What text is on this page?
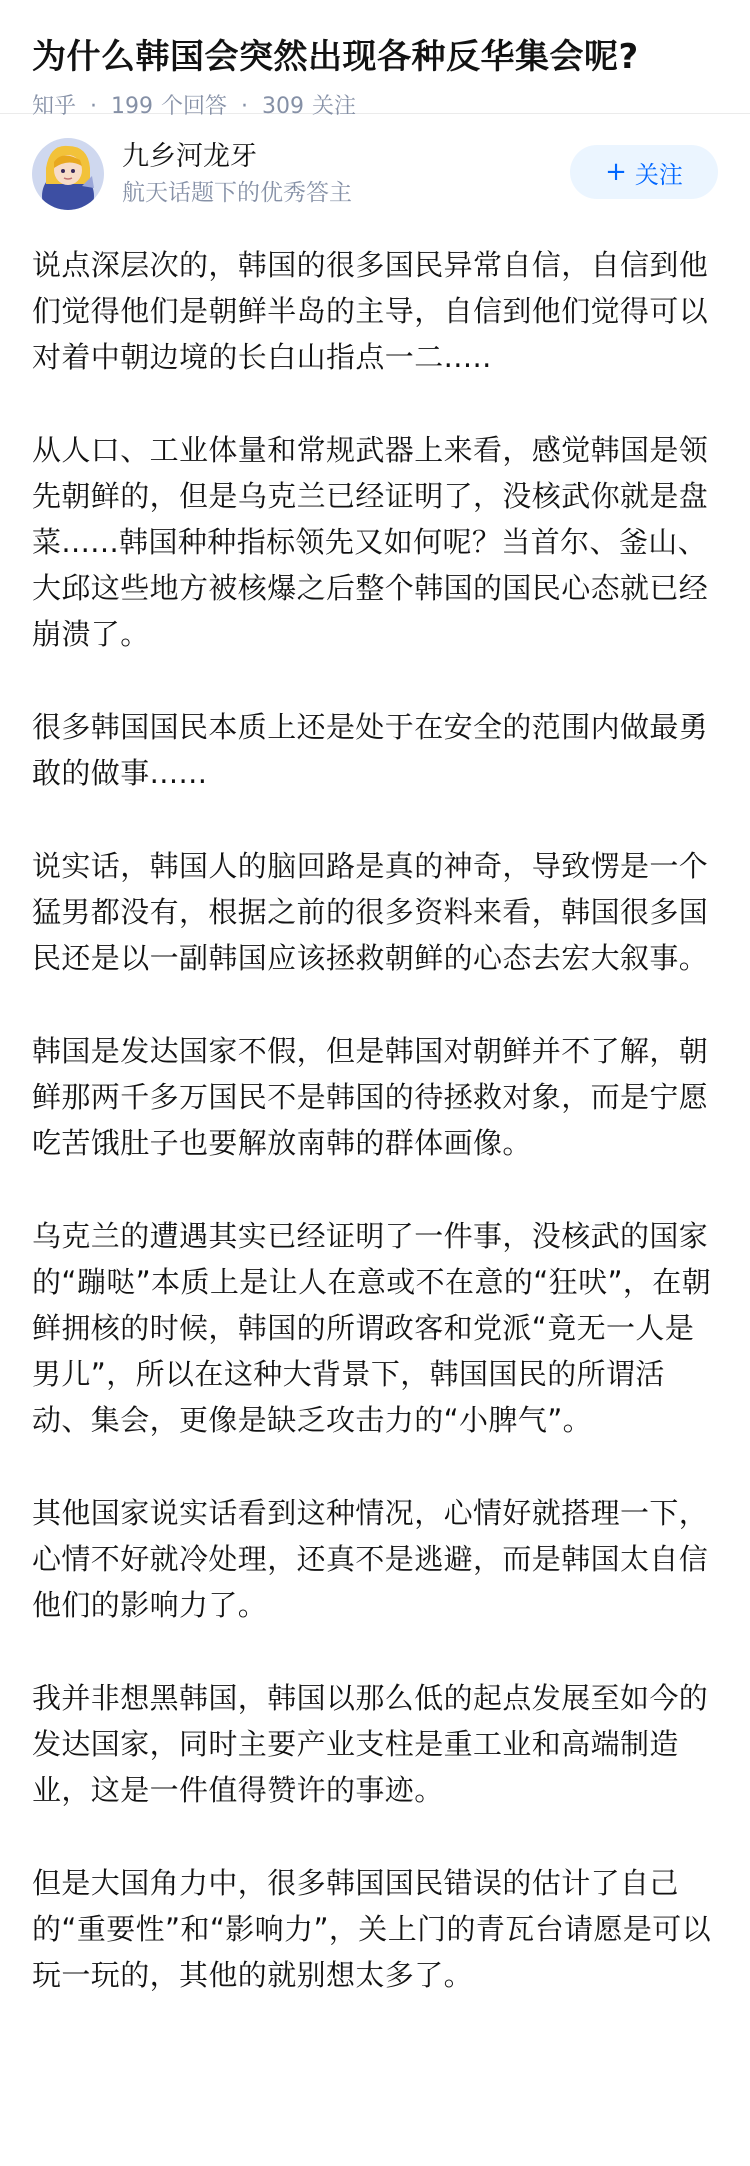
为什么韩国会突然出现各种反华集会呢?
知乎 · 199 个回答 · 309 关注
九乡河龙牙
航天话题下的优秀答主
+ 关注

说点深层次的，韩国的很多国民异常自信，自信到他们觉得他们是朝鲜半岛的主导，自信到他们觉得可以对着中朝边境的长白山指点一二.....

从人口、工业体量和常规武器上来看，感觉韩国是领先朝鲜的，但是乌克兰已经证明了，没核武你就是盘菜......韩国种种指标领先又如何呢？当首尔、釜山、大邱这些地方被核爆之后整个韩国的国民心态就已经崩溃了。

很多韩国国民本质上还是处于在安全的范围内做最勇敢的做事......

说实话，韩国人的脑回路是真的神奇，导致愣是一个猛男都没有，根据之前的很多资料来看，韩国很多国民还是以一副韩国应该拯救朝鲜的心态去宏大叙事。

韩国是发达国家不假，但是韩国对朝鲜并不了解，朝鲜那两千多万国民不是韩国的待拯救对象，而是宁愿吃苦饿肚子也要解放南韩的群体画像。

乌克兰的遭遇其实已经证明了一件事，没核武的国家的“蹦哒”本质上是让人在意或不在意的“狂吠”，在朝鲜拥核的时候，韩国的所谓政客和党派“竟无一人是男儿”，所以在这种大背景下，韩国国民的所谓活动、集会，更像是缺乏攻击力的“小脾气”。

其他国家说实话看到这种情况，心情好就搭理一下，心情不好就冷处理，还真不是逃避，而是韩国太自信他们的影响力了。

我并非想黑韩国，韩国以那么低的起点发展至如今的发达国家，同时主要产业支柱是重工业和高端制造业，这是一件值得赞许的事迹。

但是大国角力中，很多韩国国民错误的估计了自己的“重要性”和“影响力”，关上门的青瓦台请愿是可以玩一玩的，其他的就别想太多了。
